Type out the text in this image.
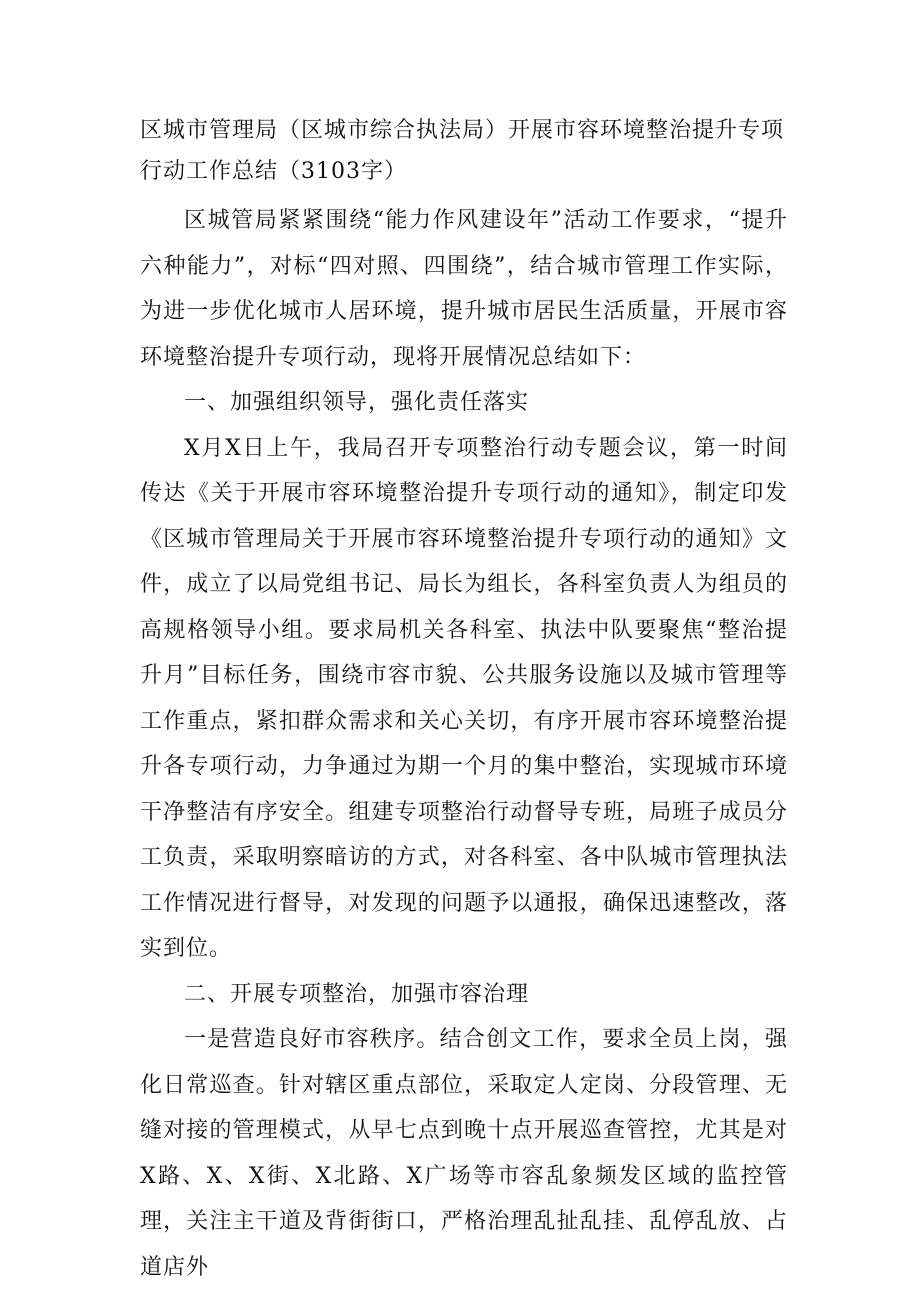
区城市管理局（区城市综合执法局）开展市容环境整治提升专项行动工作总结（3103字）

区城管局紧紧围绕“能力作风建设年”活动工作要求，“提升六种能力”，对标“四对照、四围绕”，结合城市管理工作实际，为进一步优化城市人居环境，提升城市居民生活质量，开展市容环境整治提升专项行动，现将开展情况总结如下：

一、加强组织领导，强化责任落实

X月X日上午，我局召开专项整治行动专题会议，第一时间传达《关于开展市容环境整治提升专项行动的通知》，制定印发《区城市管理局关于开展市容环境整治提升专项行动的通知》文件，成立了以局党组书记、局长为组长，各科室负责人为组员的高规格领导小组。要求局机关各科室、执法中队要聚焦“整治提升月”目标任务，围绕市容市貌、公共服务设施以及城市管理等工作重点，紧扣群众需求和关心关切，有序开展市容环境整治提升各专项行动，力争通过为期一个月的集中整治，实现城市环境干净整洁有序安全。组建专项整治行动督导专班，局班子成员分工负责，采取明察暗访的方式，对各科室、各中队城市管理执法工作情况进行督导，对发现的问题予以通报，确保迅速整改，落实到位。

二、开展专项整治，加强市容治理

一是营造良好市容秩序。结合创文工作，要求全员上岗，强化日常巡查。针对辖区重点部位，采取定人定岗、分段管理、无缝对接的管理模式，从早七点到晚十点开展巡查管控，尤其是对X路、X、X街、X北路、X广场等市容乱象频发区域的监控管理，关注主干道及背街街口，严格治理乱扯乱挂、乱停乱放、占道店外
